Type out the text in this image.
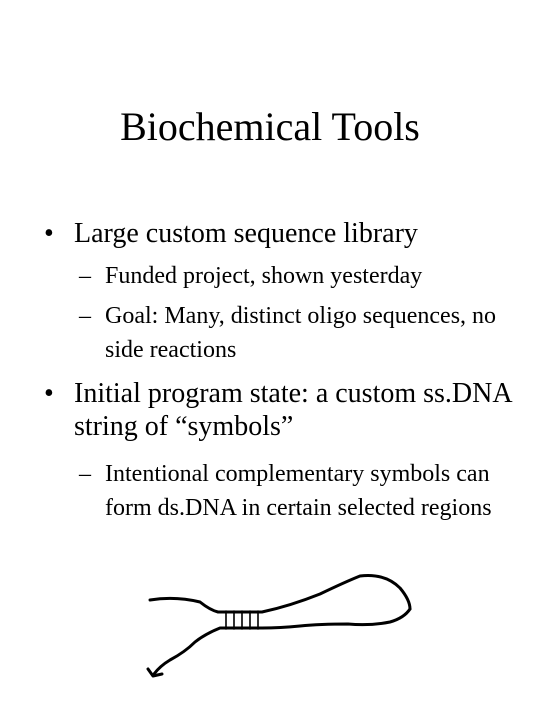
Biochemical Tools
• Large custom sequence library
– Funded project, shown yesterday
– Goal: Many, distinct oligo sequences, no side reactions
• Initial program state: a custom ss.DNA string of “symbols”
– Intentional complementary symbols can form ds.DNA in certain selected regions
